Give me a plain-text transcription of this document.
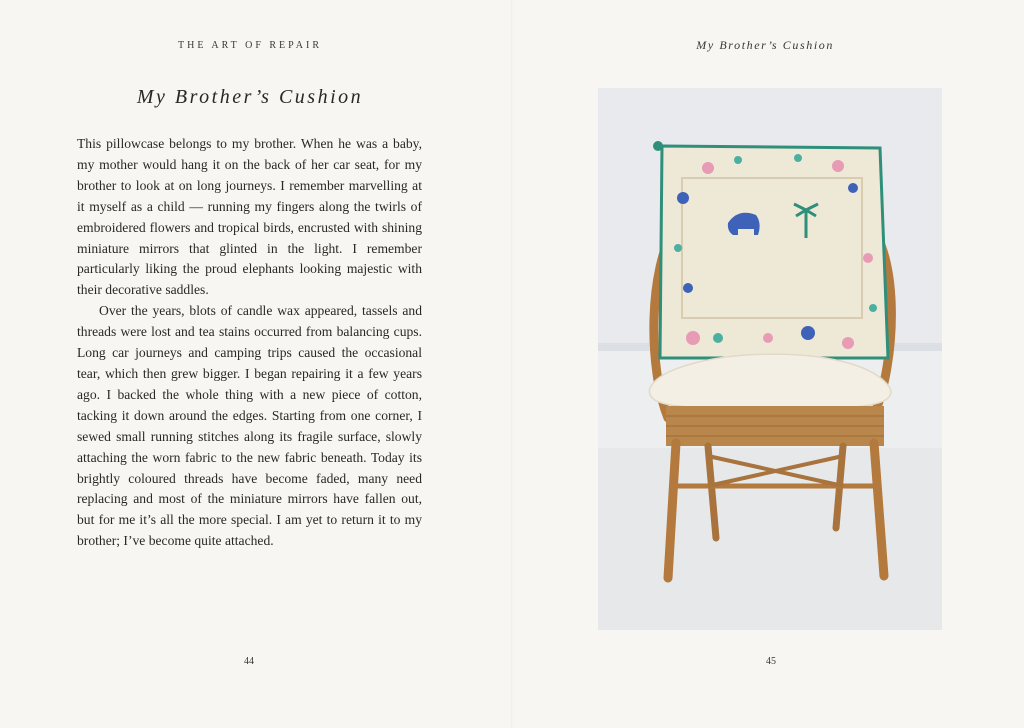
THE ART OF REPAIR
My Brother’s Cushion

This pillowcase belongs to my brother. When he was a baby, my mother would hang it on the back of her car seat, for my brother to look at on long journeys. I remember marvelling at it myself as a child — running my fingers along the twirls of embroidered flowers and tropical birds, encrusted with shining miniature mirrors that glinted in the light. I remember particularly liking the proud elephants looking majestic with their decorative saddles.

Over the years, blots of candle wax appeared, tassels and threads were lost and tea stains occurred from balancing cups. Long car journeys and camping trips caused the occasional tear, which then grew bigger. I began repairing it a few years ago. I backed the whole thing with a new piece of cotton, tacking it down around the edges. Starting from one corner, I sewed small running stitches along its fragile surface, slowly attaching the worn fabric to the new fabric beneath. Today its brightly coloured threads have become faded, many need replacing and most of the miniature mirrors have fallen out, but for me it’s all the more special. I am yet to return it to my brother; I’ve become quite attached.

44
My Brother’s Cushion
45
